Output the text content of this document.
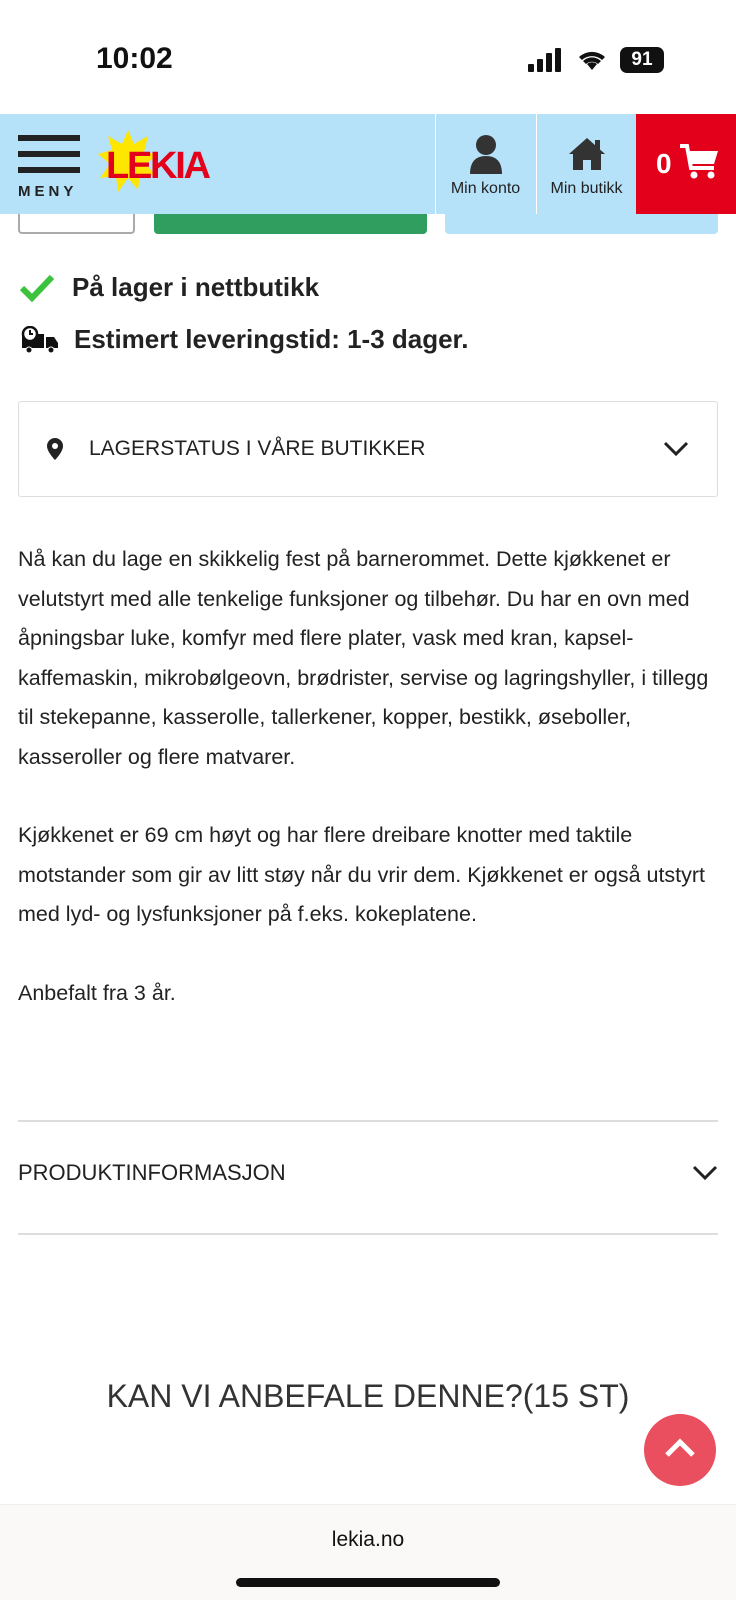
10:02	91
MENY
LEKIA
Min konto	Min butikk
0
På lager i nettbutikk
Estimert leveringstid: 1-3 dager.
LAGERSTATUS I VÅRE BUTIKKER

Nå kan du lage en skikkelig fest på barnerommet. Dette kjøkkenet er velutstyrt med alle tenkelige funksjoner og tilbehør. Du har en ovn med åpningsbar luke, komfyr med flere plater, vask med kran, kapsel-kaffemaskin, mikrobølgeovn, brødrister, servise og lagringshyller, i tillegg til stekepanne, kasserolle, tallerkener, kopper, bestikk, øseboller, kasseroller og flere matvarer.

Kjøkkenet er 69 cm høyt og har flere dreibare knotter med taktile motstander som gir av litt støy når du vrir dem. Kjøkkenet er også utstyrt med lyd- og lysfunksjoner på f.eks. kokeplatene.

Anbefalt fra 3 år.

PRODUKTINFORMASJON
KAN VI ANBEFALE DENNE?(15 ST)
lekia.no
